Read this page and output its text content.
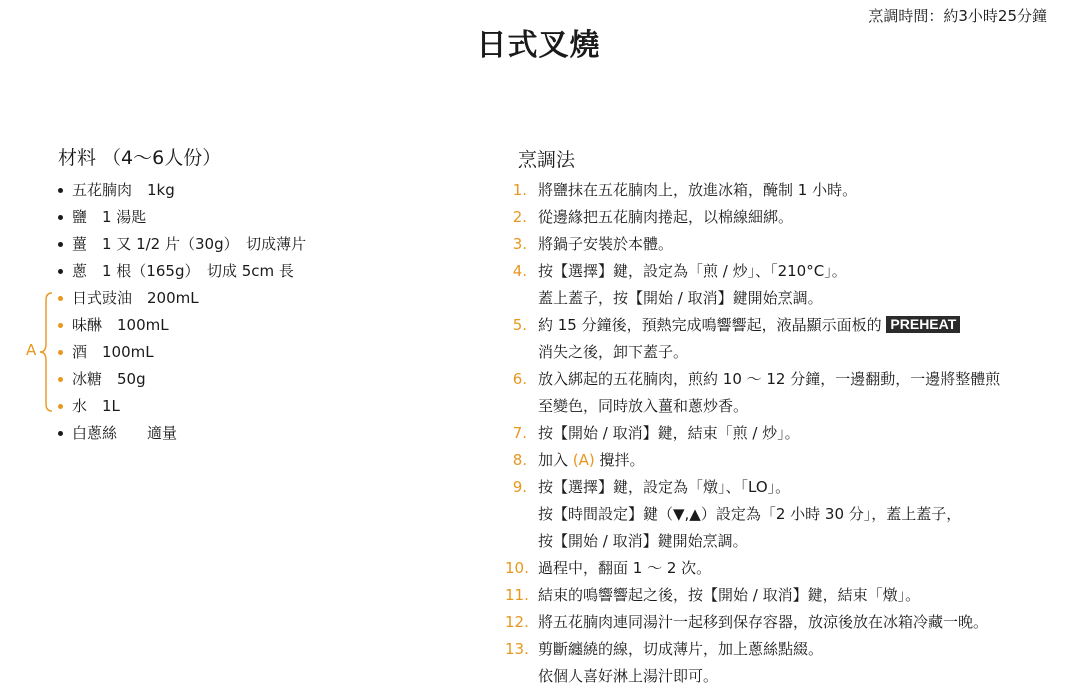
烹調時間：約3小時25分鐘
日式叉燒
材料 （4～6人份）
A
五花腩肉　1kg
鹽　1 湯匙
薑　1 又 1/2 片（30g）　切成薄片
蔥　1 根（165g）　切成 5cm 長
日式豉油　200mL
味醂　100mL
酒　100mL
冰糖　50g
水　1L
白蔥絲　　適量
烹調法
1. 將鹽抹在五花腩肉上，放進冰箱，醃制 1 小時。
2. 從邊緣把五花腩肉捲起，以棉線細綁。
3. 將鍋子安裝於本體。
4. 按【選擇】鍵，設定為「煎 / 炒」、「210°C」。
蓋上蓋子，按【開始 / 取消】鍵開始烹調。
5. 約 15 分鐘後，預熱完成鳴響響起，液晶顯示面板的 PREHEAT
消失之後，卸下蓋子。
6. 放入綁起的五花腩肉，煎約 10 ～ 12 分鐘，一邊翻動，一邊將整體煎
至變色，同時放入薑和蔥炒香。
7. 按【開始 / 取消】鍵，結束「煎 / 炒」。
8. 加入 (A) 攪拌。
9. 按【選擇】鍵，設定為「燉」、「LO」。
按【時間設定】鍵（▼,▲）設定為「2 小時 30 分」，蓋上蓋子，
按【開始 / 取消】鍵開始烹調。
10. 過程中，翻面 1 ～ 2 次。
11. 結束的鳴響響起之後，按【開始 / 取消】鍵，結束「燉」。
12. 將五花腩肉連同湯汁一起移到保存容器，放涼後放在冰箱冷藏一晚。
13. 剪斷纏繞的線，切成薄片，加上蔥絲點綴。
依個人喜好淋上湯汁即可。
